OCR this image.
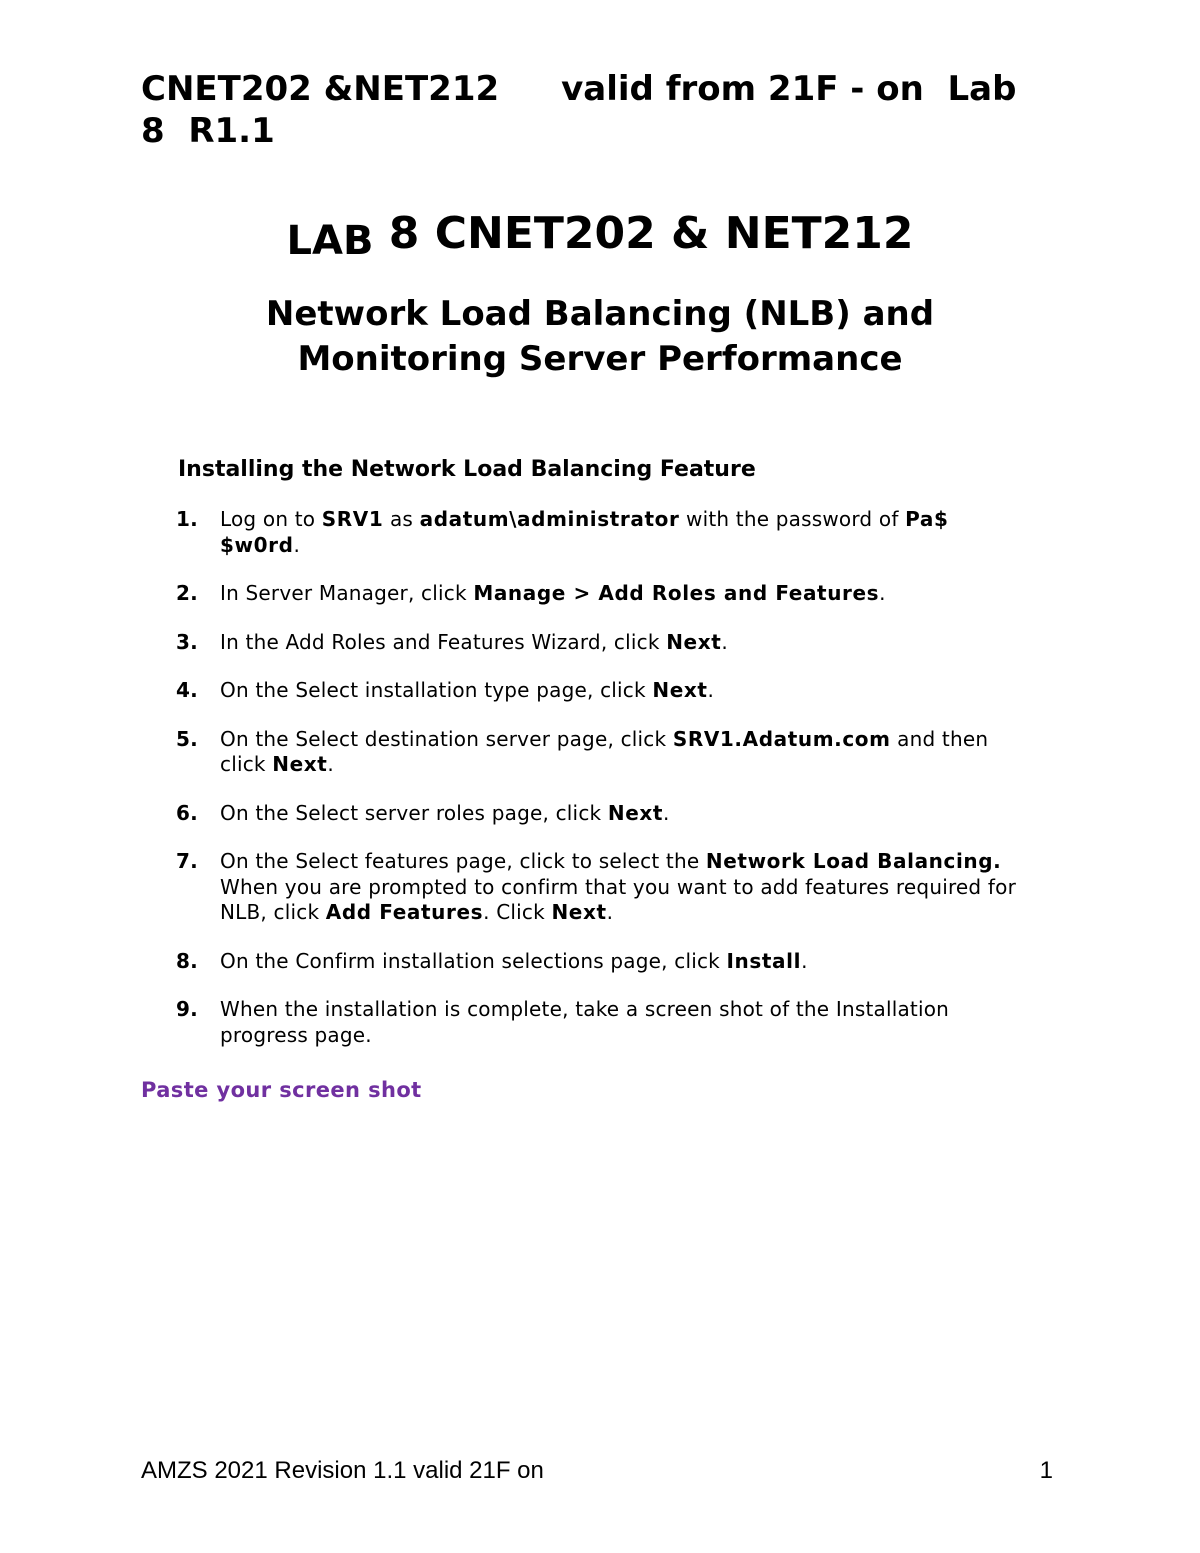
CNET202 &NET212 valid from 21F - on  Lab
8  R1.1
LAB 8 CNET202 & NET212
Network Load Balancing (NLB) and
Monitoring Server Performance
Installing the Network Load Balancing Feature
1. Log on to SRV1 as adatum\administrator with the password of Pa$ $w0rd.
2. In Server Manager, click Manage > Add Roles and Features.
3. In the Add Roles and Features Wizard, click Next.
4. On the Select installation type page, click Next.
5. On the Select destination server page, click SRV1.Adatum.com and then click Next.
6. On the Select server roles page, click Next.
7. On the Select features page, click to select the Network Load Balancing. When you are prompted to confirm that you want to add features required for NLB, click Add Features. Click Next.
8. On the Confirm installation selections page, click Install.
9. When the installation is complete, take a screen shot of the Installation progress page.
Paste your screen shot
AMZS 2021 Revision 1.1 valid 21F on	1
